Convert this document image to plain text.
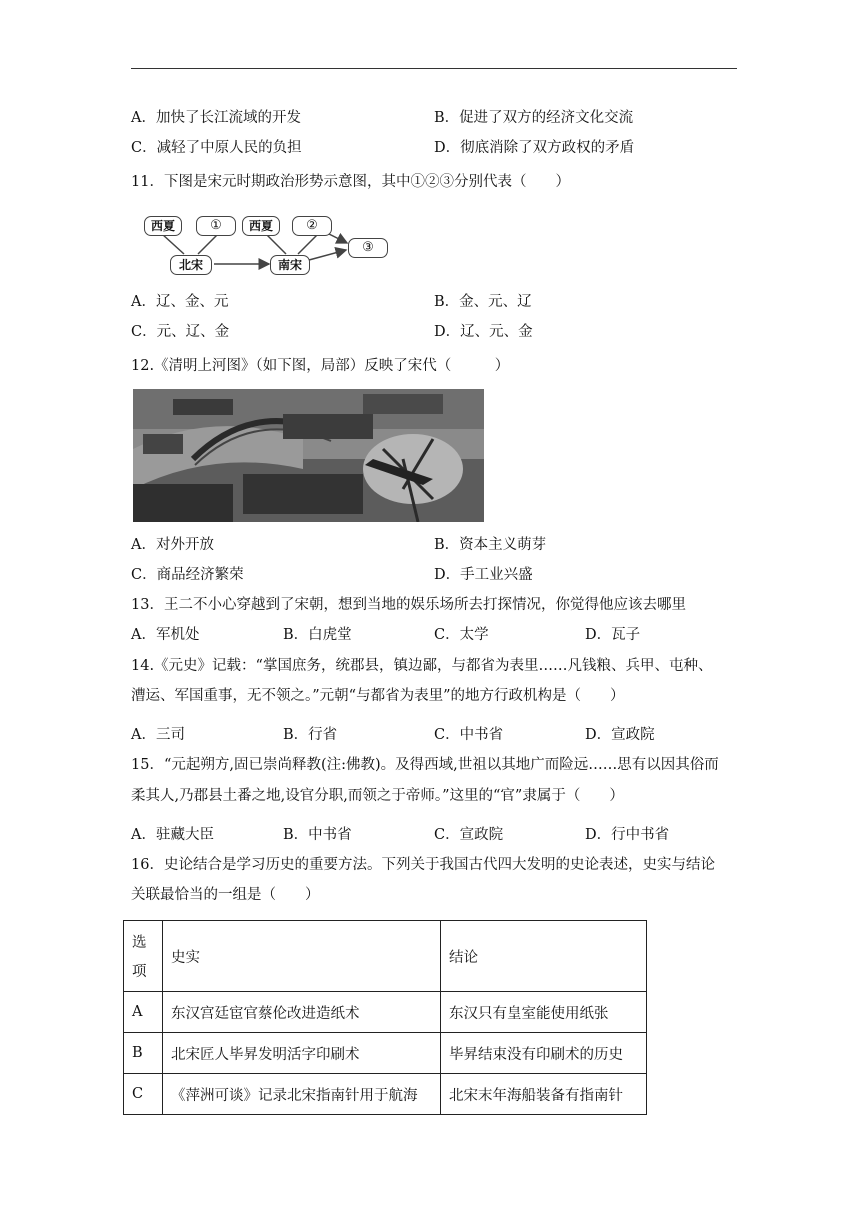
A．加快了长江流域的开发	B．促进了双方的经济文化交流
C．减轻了中原人民的负担	D．彻底消除了双方政权的矛盾
11．下图是宋元时期政治形势示意图，其中①②③分别代表（　　）
西夏	①	西夏	②
北宋	南宋
③
A．辽、金、元	B．金、元、辽
C．元、辽、金	D．辽、元、金
12.《清明上河图》（如下图，局部）反映了宋代（　　　）
A．对外开放	B．资本主义萌芽
C．商品经济繁荣	D．手工业兴盛
13．王二不小心穿越到了宋朝，想到当地的娱乐场所去打探情况，你觉得他应该去哪里
A．军机处	B．白虎堂	C．太学	D．瓦子
14.《元史》记载：“掌国庶务，统郡县，镇边鄙，与都省为表里……凡钱粮、兵甲、屯种、
漕运、军国重事，无不领之。”元朝“与都省为表里”的地方行政机构是（　　）
A．三司	B．行省	C．中书省	D．宣政院
15．“元起朔方,固已崇尚释教(注:佛教)。及得西域,世祖以其地广而险远……思有以因其俗而
柔其人,乃郡县土番之地,设官分职,而领之于帝师。”这里的“官”隶属于（　　）
A．驻藏大臣	B．中书省	C．宣政院	D．行中书省
16．史论结合是学习历史的重要方法。下列关于我国古代四大发明的史论表述，史实与结论
关联最恰当的一组是（　　）
选
项	史实	结论
A	东汉宫廷宦官蔡伦改进造纸术	东汉只有皇室能使用纸张
B	北宋匠人毕昇发明活字印刷术	毕昇结束没有印刷术的历史
C	《萍洲可谈》记录北宋指南针用于航海	北宋末年海船装备有指南针
